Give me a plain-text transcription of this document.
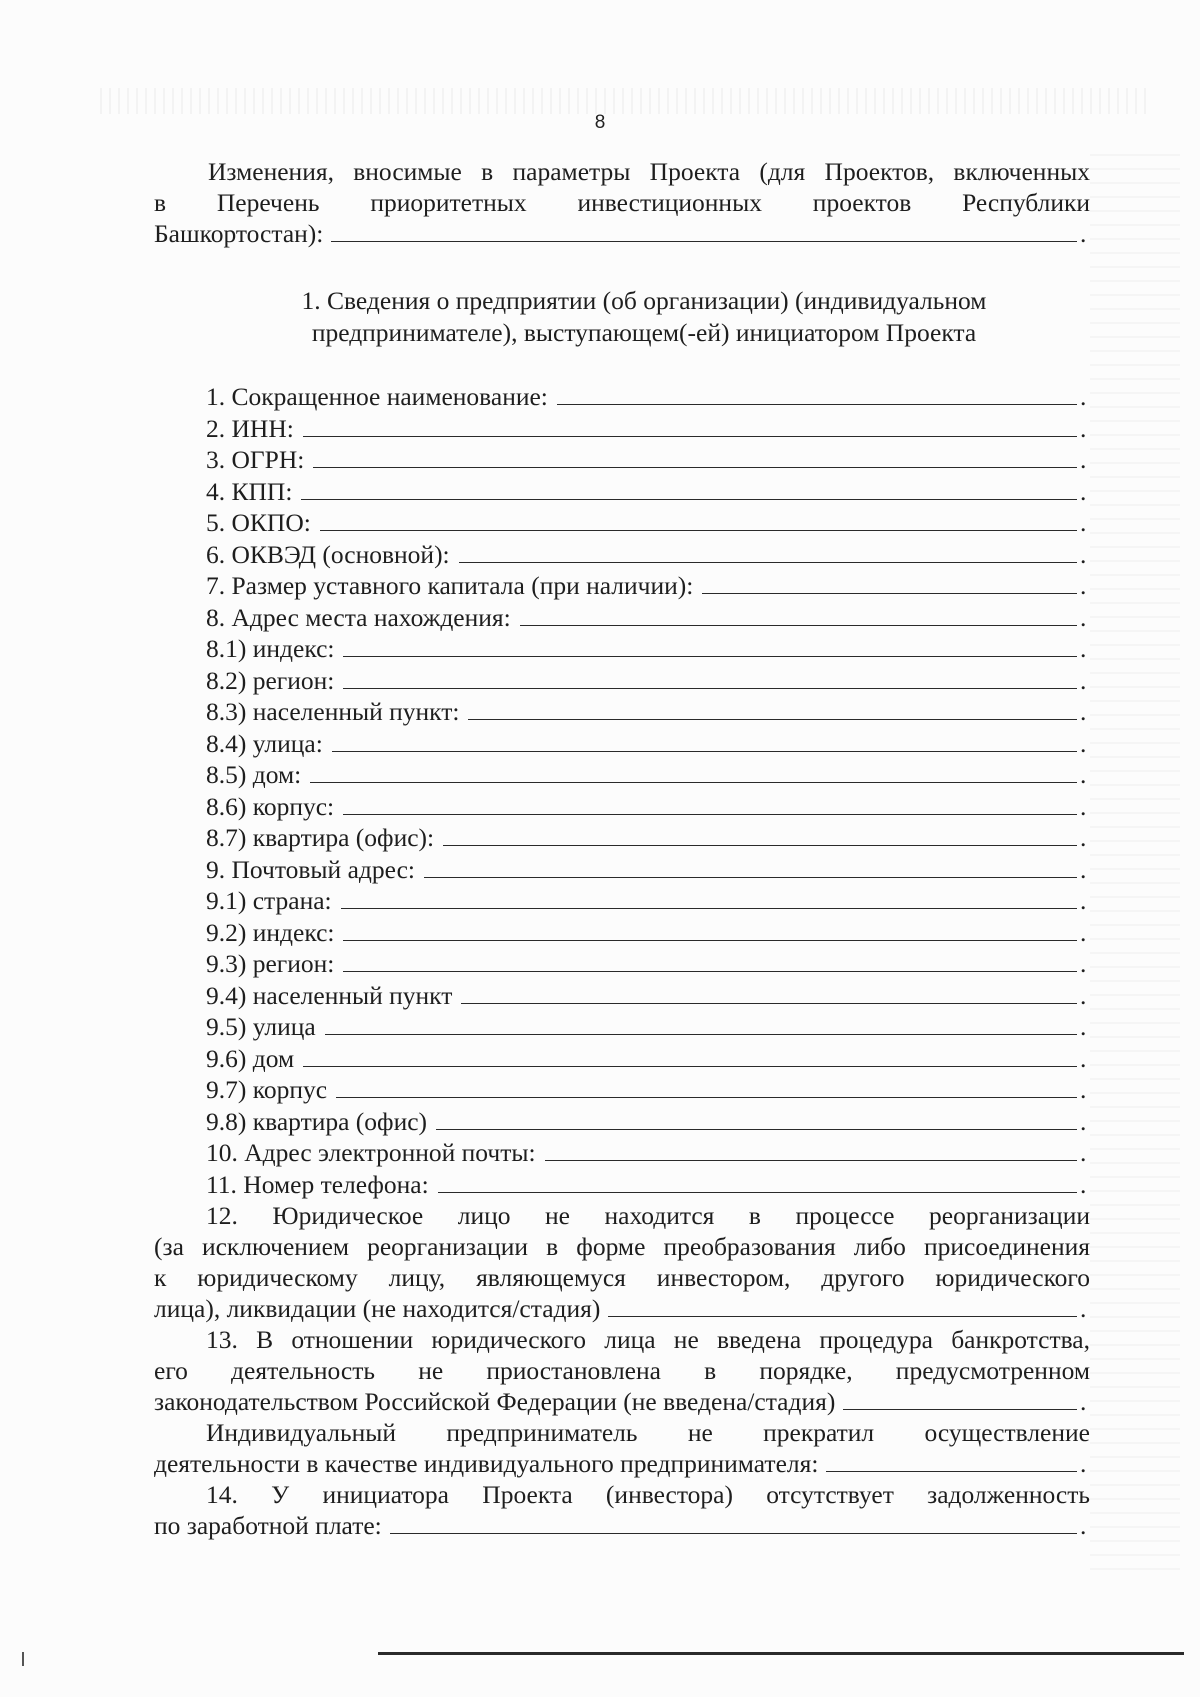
8
Изменения, вносимые в параметры Проекта (для Проектов, включенных
в Перечень приоритетных инвестиционных проектов Республики
Башкортостан):	.
1. Сведения о предприятии (об организации) (индивидуальном
предпринимателе), выступающем(-ей) инициатором Проекта
1. Сокращенное наименование:	.
2. ИНН:	.
3. ОГРН:	.
4. КПП:	.
5. ОКПО:	.
6. ОКВЭД (основной):	.
7. Размер уставного капитала (при наличии):	.
8. Адрес места нахождения:	.
8.1) индекс:	.
8.2) регион:	.
8.3) населенный пункт:	.
8.4) улица:	.
8.5) дом:	.
8.6) корпус:	.
8.7) квартира (офис):	.
9. Почтовый адрес:	.
9.1) страна:	.
9.2) индекс:	.
9.3) регион:	.
9.4) населенный пункт	.
9.5) улица	.
9.6) дом	.
9.7) корпус	.
9.8) квартира (офис)	.
10. Адрес электронной почты:	.
11. Номер телефона:	.
12. Юридическое лицо не находится в процессе реорганизации
(за исключением реорганизации в форме преобразования либо присоединения
к юридическому лицу, являющемуся инвестором, другого юридического
лица), ликвидации (не находится/стадия)	.
13. В отношении юридического лица не введена процедура банкротства,
его деятельность не приостановлена в порядке, предусмотренном
законодательством Российской Федерации (не введена/стадия)	.
Индивидуальный предприниматель не прекратил осуществление
деятельности в качестве индивидуального предпринимателя:	.
14. У инициатора Проекта (инвестора) отсутствует задолженность
по заработной плате:	.
